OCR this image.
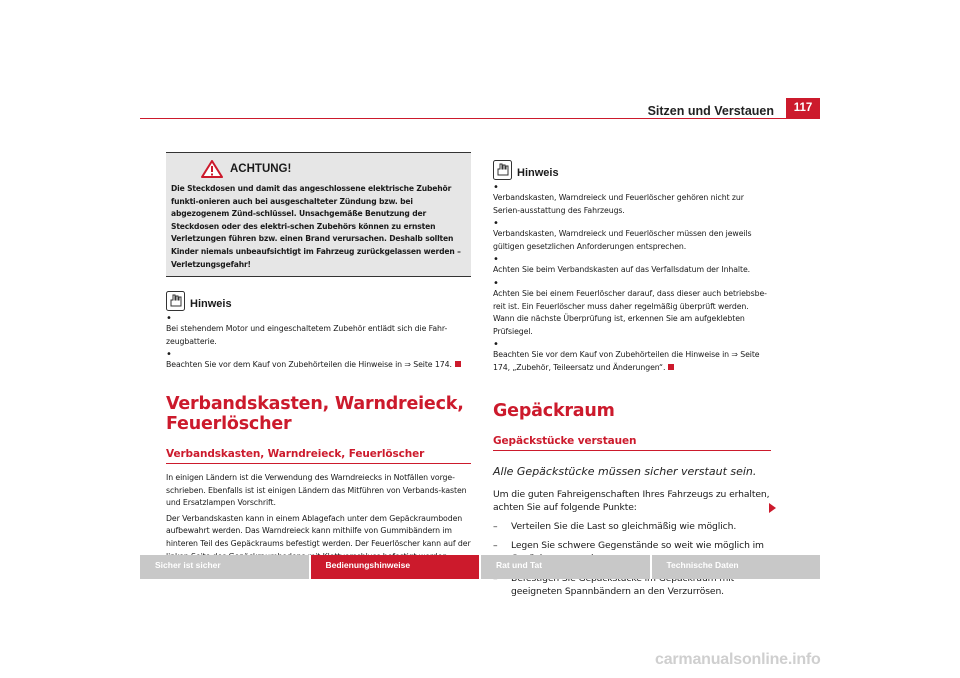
Sitzen und Verstauen	117
ACHTUNG!
Die Steckdosen und damit das angeschlossene elektrische Zubehör funkti-onieren auch bei ausgeschalteter Zündung bzw. bei abgezogenem Zünd-schlüssel. Unsachgemäße Benutzung der Steckdosen oder des elektri-schen Zubehörs können zu ernsten Verletzungen führen bzw. einen Brand verursachen. Deshalb sollten Kinder niemals unbeaufsichtigt im Fahrzeug zurückgelassen werden – Verletzungsgefahr!
Hinweis
•
Bei stehendem Motor und eingeschaltetem Zubehör entlädt sich die Fahr-zeugbatterie.
•
Beachten Sie vor dem Kauf von Zubehörteilen die Hinweise in ⇒ Seite 174.
Verbandskasten, Warndreieck, Feuerlöscher
Verbandskasten, Warndreieck, Feuerlöscher
In einigen Ländern ist die Verwendung des Warndreiecks in Notfällen vorge-schrieben. Ebenfalls ist ist einigen Ländern das Mitführen von Verbands-kasten und Ersatzlampen Vorschrift.
Der Verbandskasten kann in einem Ablagefach unter dem Gepäckraumboden aufbewahrt werden. Das Warndreieck kann mithilfe von Gummibändern im hinteren Teil des Gepäckraums befestigt werden. Der Feuerlöscher kann auf der
Hinweis
•
Verbandskasten, Warndreieck und Feuerlöscher gehören nicht zur Serien-ausstattung des Fahrzeugs.
•
Verbandskasten, Warndreieck und Feuerlöscher müssen den jeweils gültigen gesetzlichen Anforderungen entsprechen.
•
Achten Sie beim Verbandskasten auf das Verfallsdatum der Inhalte.
•
Achten Sie bei einem Feuerlöscher darauf, dass dieser auch betriebsbe-reit ist. Ein Feuerlöscher muss daher regelmäßig überprüft werden. Wann die nächste Überprüfung ist, erkennen Sie am aufgeklebten Prüfsiegel.
•
Beachten Sie vor dem Kauf von Zubehörteilen die Hinweise in ⇒ Seite 174, „Zubehör, Teileersatz und Änderungen“.
Gepäckraum
Gepäckstücke verstauen
Alle Gepäckstücke müssen sicher verstaut sein.
Um die guten Fahreigenschaften Ihres Fahrzeugs zu erhalten, achten Sie auf folgende Punkte:
–	Verteilen Sie die Last so gleichmäßig wie möglich.
–	Legen Sie schwere Gegenstände so weit wie möglich im
geeigneten Spannbändern an den Verzurrösen.
Sicher ist sicher	Bedienungshinweise	Rat und Tat	Technische Daten
carmanualsonline.info
